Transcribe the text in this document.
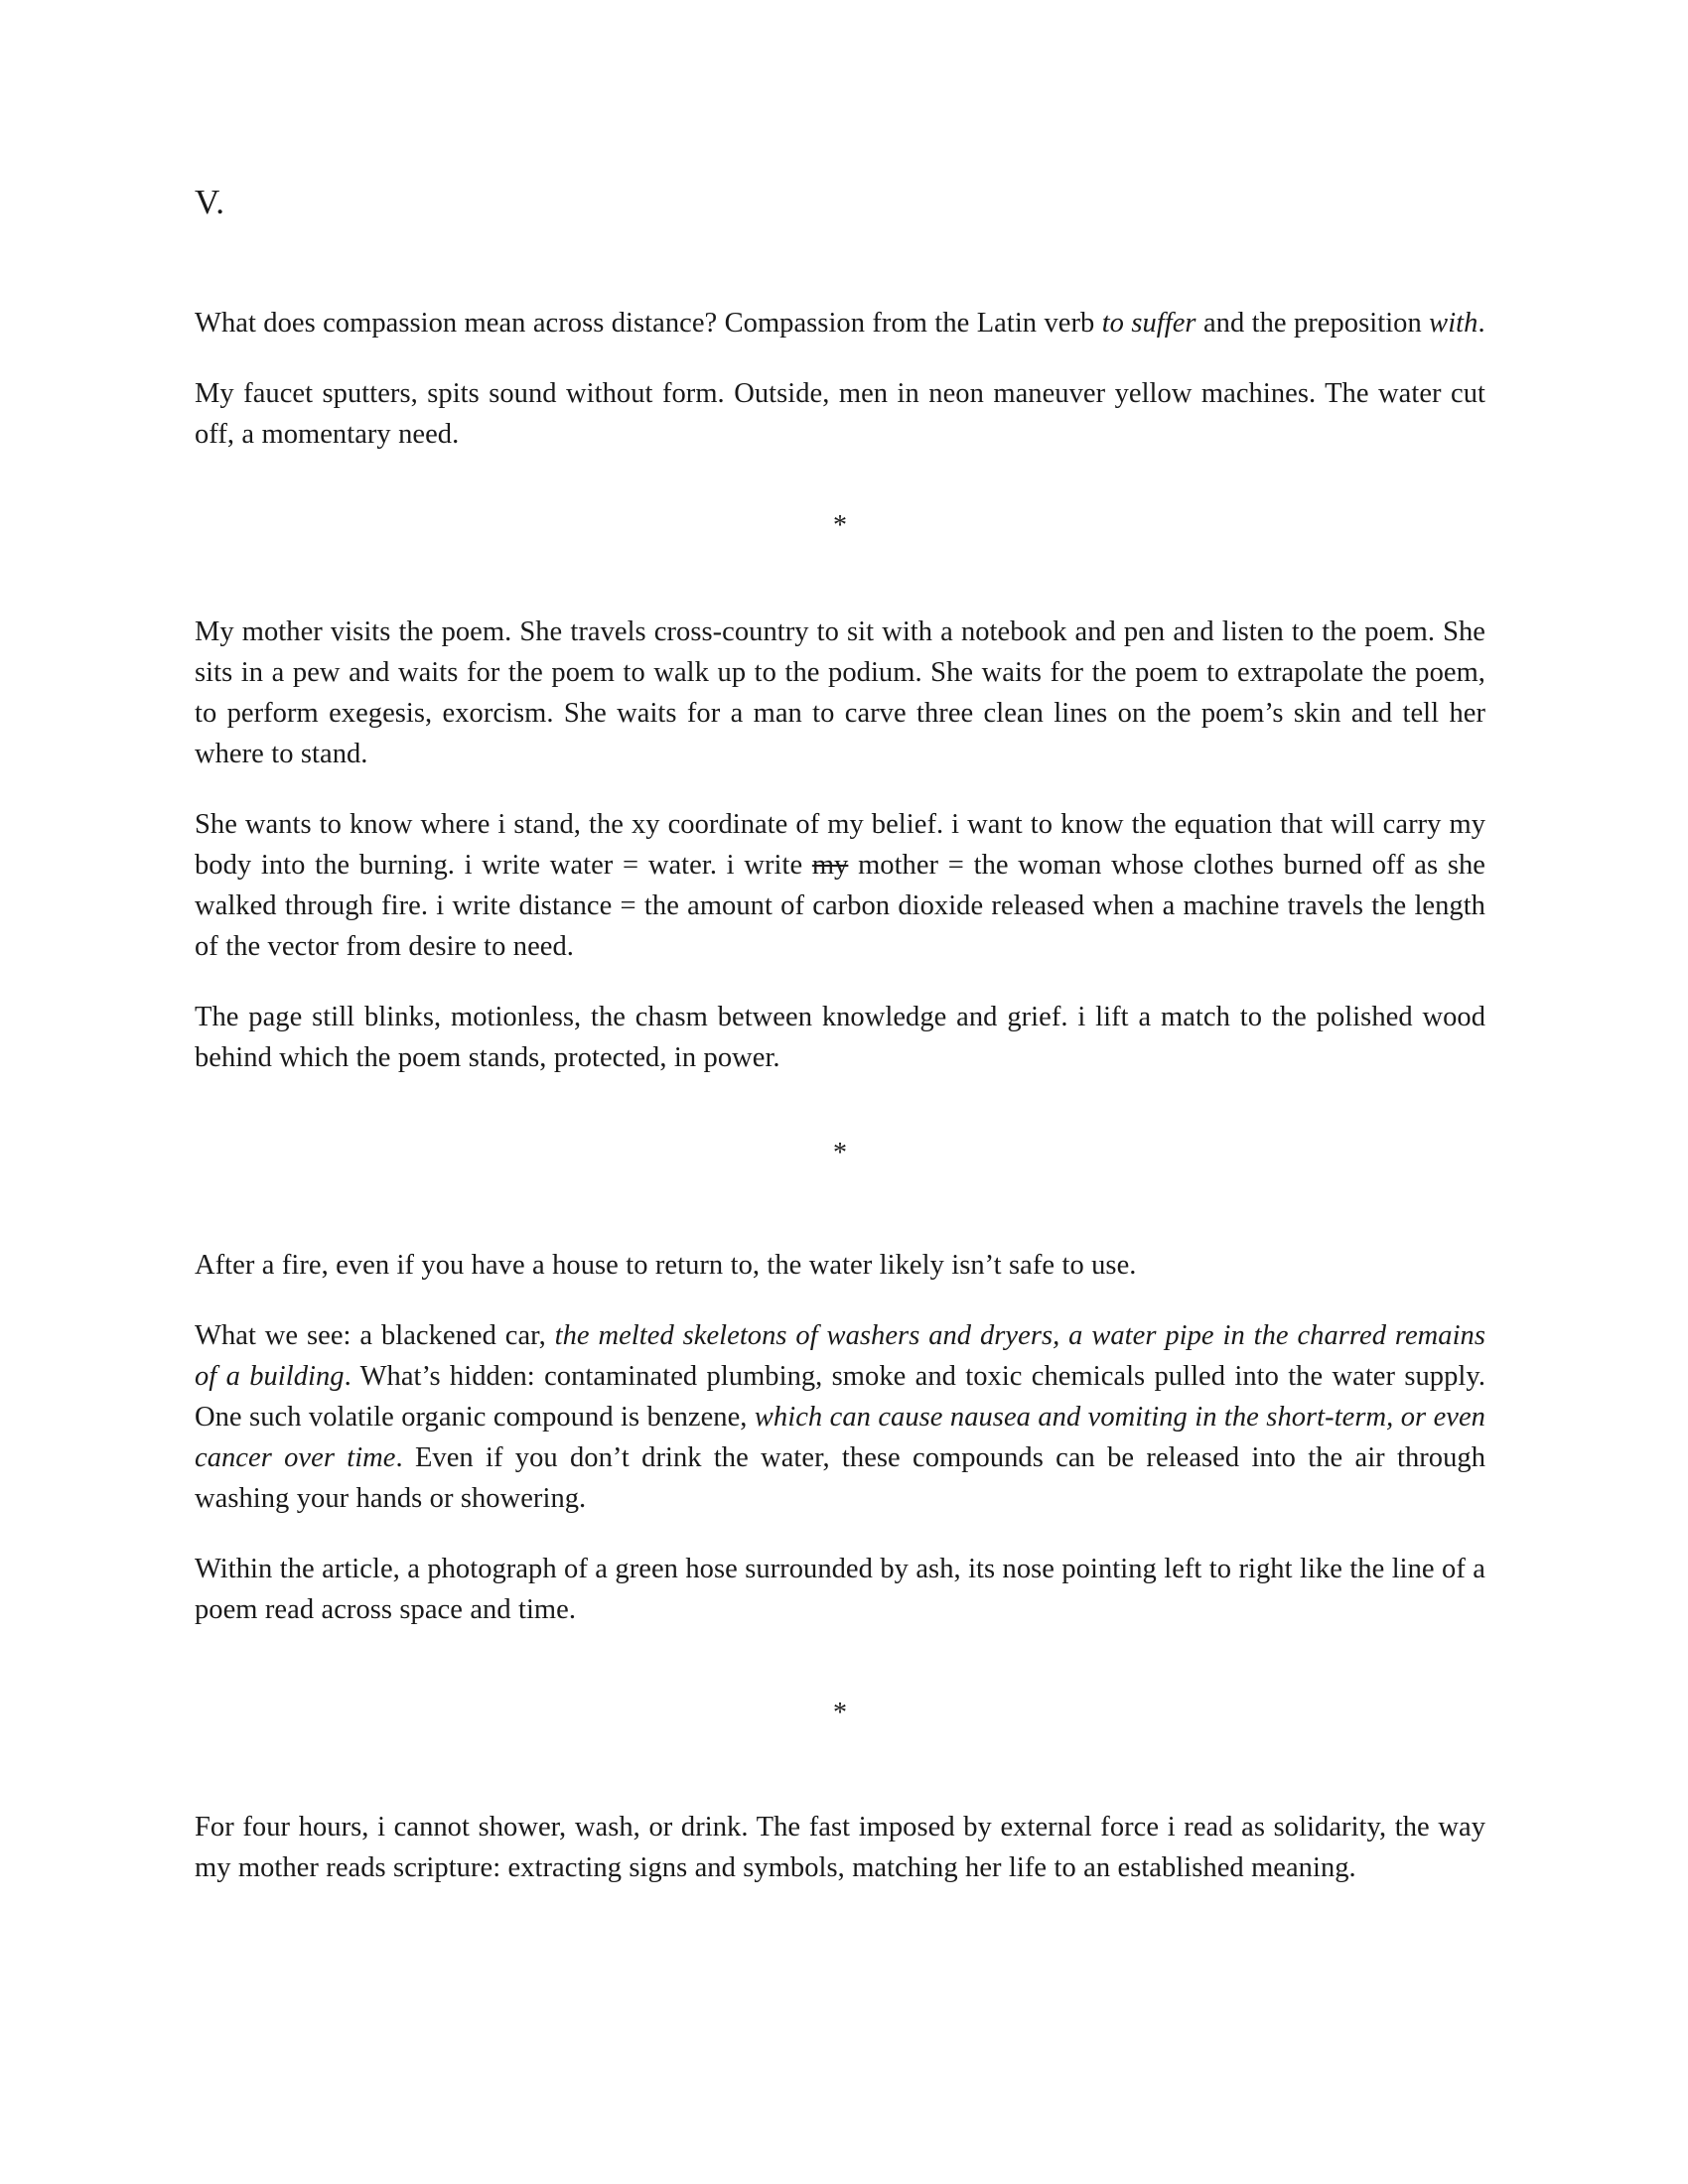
V.

What does compassion mean across distance? Compassion from the Latin verb to suffer and the preposition with.

My faucet sputters, spits sound without form. Outside, men in neon maneuver yellow machines. The water cut off, a momentary need.

*

My mother visits the poem. She travels cross-country to sit with a notebook and pen and listen to the poem. She sits in a pew and waits for the poem to walk up to the podium. She waits for the poem to extrapolate the poem, to perform exegesis, exorcism. She waits for a man to carve three clean lines on the poem’s skin and tell her where to stand.

She wants to know where i stand, the xy coordinate of my belief. i want to know the equation that will carry my body into the burning. i write water = water. i write my mother = the woman whose clothes burned off as she walked through fire. i write distance = the amount of carbon dioxide released when a machine travels the length of the vector from desire to need.

The page still blinks, motionless, the chasm between knowledge and grief. i lift a match to the polished wood behind which the poem stands, protected, in power.

*

After a fire, even if you have a house to return to, the water likely isn’t safe to use.

What we see: a blackened car, the melted skeletons of washers and dryers, a water pipe in the charred remains of a building. What’s hidden: contaminated plumbing, smoke and toxic chemicals pulled into the water supply. One such volatile organic compound is benzene, which can cause nausea and vomiting in the short-term, or even cancer over time. Even if you don’t drink the water, these compounds can be released into the air through washing your hands or showering.

Within the article, a photograph of a green hose surrounded by ash, its nose pointing left to right like the line of a poem read across space and time.

*

For four hours, i cannot shower, wash, or drink. The fast imposed by external force i read as solidarity, the way my mother reads scripture: extracting signs and symbols, matching her life to an established meaning.
